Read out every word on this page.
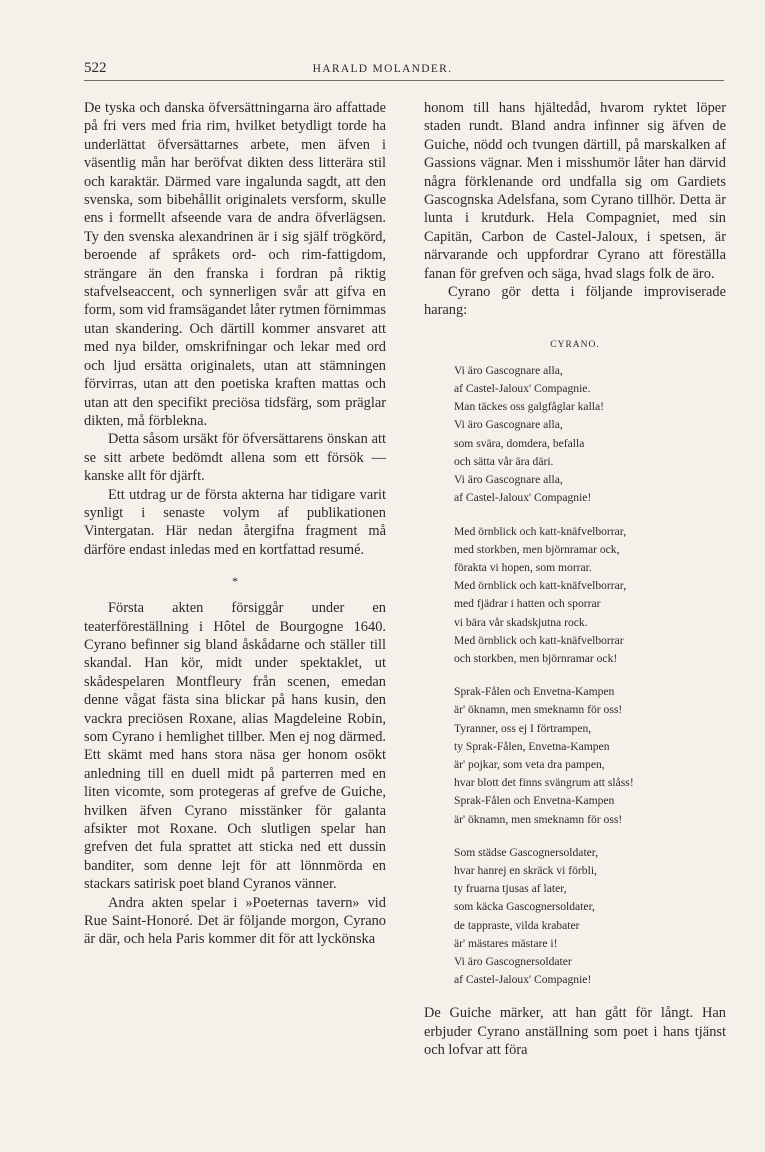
522	HARALD MOLANDER.

De tyska och danska öfversättningarna äro affattade på fri vers med fria rim, hvilket betydligt torde ha underlättat öfversättarnes arbete, men äfven i väsentlig mån har beröfvat dikten dess litterära stil och karaktär. Därmed vare ingalunda sagdt, att den svenska, som bibehållit originalets versform, skulle ens i formellt afseende vara de andra öfverlägsen. Ty den svenska alexandrinen är i sig själf trögkörd, beroende af språkets ord- och rim-fattigdom, strängare än den franska i fordran på riktig stafvelseaccent, och synnerligen svår att gifva en form, som vid framsägandet låter rytmen förnimmas utan skandering. Och därtill kommer ansvaret att med nya bilder, omskrifningar och lekar med ord och ljud ersätta originalets, utan att stämningen förvirras, utan att den poetiska kraften mattas och utan att den specifikt preciösa tidsfärg, som präglar dikten, må förblekna.

Detta såsom ursäkt för öfversättarens önskan att se sitt arbete bedömdt allena som ett försök — kanske allt för djärft.

Ett utdrag ur de första akterna har tidigare varit synligt i senaste volym af publikationen Vintergatan. Här nedan återgifna fragment må därföre endast inledas med en kortfattad resumé.

*

Första akten försiggår under en teaterföreställning i Hôtel de Bourgogne 1640. Cyrano befinner sig bland åskådarne och ställer till skandal. Han kör, midt under spektaklet, ut skådespelaren Montfleury från scenen, emedan denne vågat fästa sina blickar på hans kusin, den vackra preciösen Roxane, alias Magdeleine Robin, som Cyrano i hemlighet tillber. Men ej nog därmed. Ett skämt med hans stora näsa ger honom osökt anledning till en duell midt på parterren med en liten vicomte, som protegeras af grefve de Guiche, hvilken äfven Cyrano misstänker för galanta afsikter mot Roxane. Och slutligen spelar han grefven det fula sprattet att sticka ned ett dussin banditer, som denne lejt för att lönnmörda en stackars satirisk poet bland Cyranos vänner.

Andra akten spelar i »Poeternas tavern» vid Rue Saint-Honoré. Det är följande morgon, Cyrano är där, och hela Paris kommer dit för att lyckönska

honom till hans hjältedåd, hvarom ryktet löper staden rundt. Bland andra infinner sig äfven de Guiche, nödd och tvungen därtill, på marskalken af Gassions vägnar. Men i misshumör låter han därvid några förklenande ord undfalla sig om Gardiets Gascognska Adelsfana, som Cyrano tillhör. Detta är lunta i krutdurk. Hela Compagniet, med sin Capitän, Carbon de Castel-Jaloux, i spetsen, är närvarande och uppfordrar Cyrano att föreställa fanan för grefven och säga, hvad slags folk de äro.

Cyrano gör detta i följande improviserade harang:

CYRANO.
Vi äro Gascognare alla,
af Castel-Jaloux' Compagnie.
Man täckes oss galgfåglar kalla!
Vi äro Gascognare alla,
som svära, domdera, befalla
och sätta vår ära däri.
Vi äro Gascognare alla,
af Castel-Jaloux' Compagnie!
Med örnblick och katt-knäfvelborrar,
med storkben, men björnramar ock,
förakta vi hopen, som morrar.
Med örnblick och katt-knäfvelborrar,
med fjädrar i hatten och sporrar
vi bära vår skadskjutna rock.
Med örnblick och katt-knäfvelborrar
och storkben, men björnramar ock!
Sprak-Fålen och Envetna-Kampen
är' öknamn, men smeknamn för oss!
Tyranner, oss ej I förtrampen,
ty Sprak-Fålen, Envetna-Kampen
är' pojkar, som veta dra pampen,
hvar blott det finns svängrum att slåss!
Sprak-Fålen och Envetna-Kampen
är' öknamn, men smeknamn för oss!
Som städse Gascognersoldater,
hvar hanrej en skräck vi förbli,
ty fruarna tjusas af later,
som käcka Gascognersoldater,
de tappraste, vilda krabater
är' mästares mästare i!
Vi äro Gascognersoldater
af Castel-Jaloux' Compagnie!

De Guiche märker, att han gått för långt. Han erbjuder Cyrano anställning som poet i hans tjänst och lofvar att föra
